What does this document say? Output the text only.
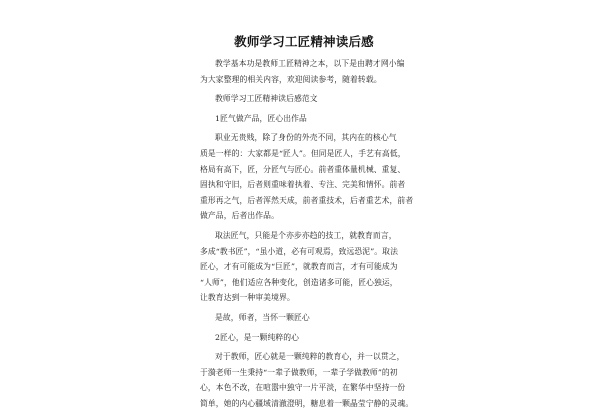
教师学习工匠精神读后感
教学基本功是教师工匠精神之本，以下是由聘才网小编
为大家整理的相关内容，欢迎阅读参考，随着转载。
教师学习工匠精神读后感范文
1匠气做产品，匠心出作品
职业无贵贱，除了身份的外壳不同，其内在的核心气
质是一样的：大家都是“匠人”。但同是匠人，手艺有高低，
格局有高下，匠，分匠气与匠心。前者重体量机械、重复、
固执和守旧，后者则重味着执着、专注、完美和情怀。前者
重形再之气，后者浑然天成，前者重技术，后者重艺术，前者
做产品，后者出作品。
取法匠气，只能是个亦步亦趋的技工，就教育而言，
多成“教书匠”，“虽小道，必有可观焉，致远恐泥”。取法
匠心，才有可能成为“巨匠”，就教育而言，才有可能成为
“人师”，他们适应各种变化，创造诸多可能，匠心独运，
让教育达到一种审美境界。
是故，师者，当怀一颗匠心
2匠心，是一颗纯粹的心
对于教师，匠心就是一颗纯粹的教育心，并一以贯之，
于漪老师一生秉持“一辈子做教师，一辈子学做教师”的初
心，本色不改，在喧嚣中独守一片平淡，在繁华中坚持一份
简单，她的内心疆域清澈澄明，糖息着一颗晶莹宁静的灵魂。
